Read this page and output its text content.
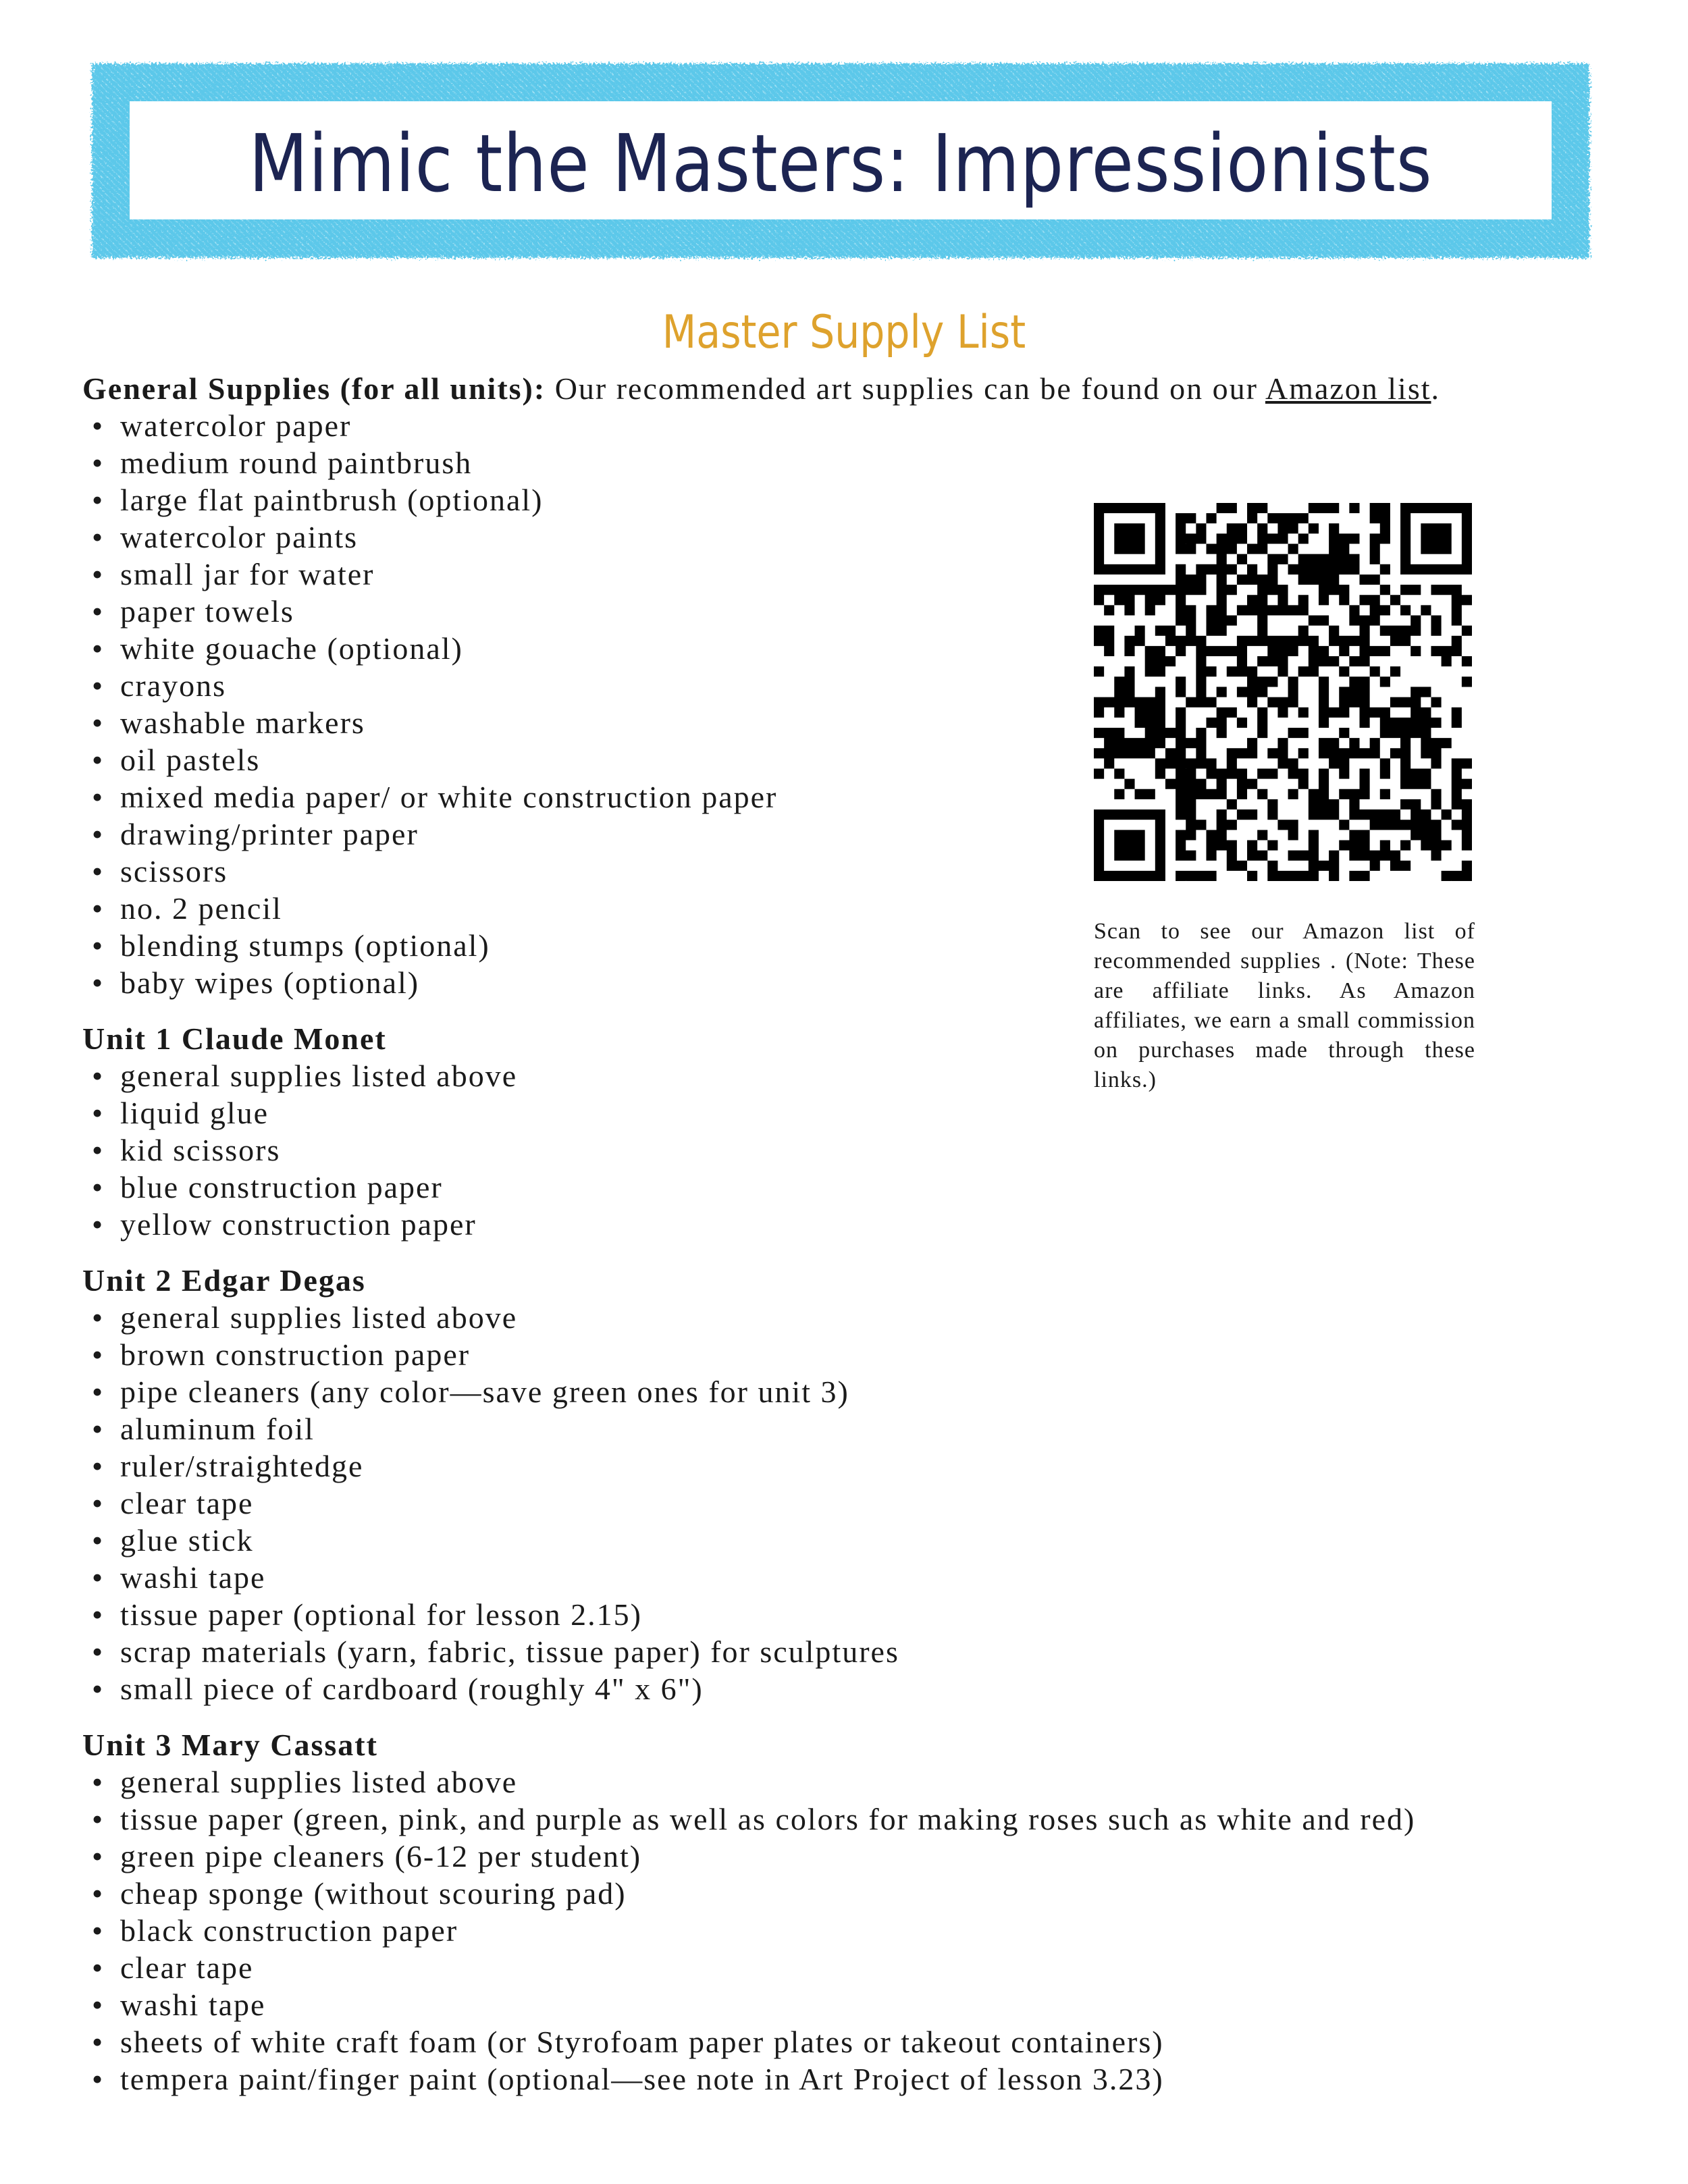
Mimic the Masters: Impressionists
Master Supply List

General Supplies (for all units): Our recommended art supplies can be found on our Amazon list.

• watercolor paper
• medium round paintbrush
• large flat paintbrush (optional)
• watercolor paints
• small jar for water
• paper towels
• white gouache (optional)
• crayons
• washable markers
• oil pastels
• mixed media paper/ or white construction paper
• drawing/printer paper
• scissors
• no. 2 pencil
• blending stumps (optional)
• baby wipes (optional)
Unit 1 Claude Monet
• general supplies listed above
• liquid glue
• kid scissors
• blue construction paper
• yellow construction paper
Unit 2 Edgar Degas
• general supplies listed above
• brown construction paper
• pipe cleaners (any color—save green ones for unit 3)
• aluminum foil
• ruler/straightedge
• clear tape
• glue stick
• washi tape
• tissue paper (optional for lesson 2.15)
• scrap materials (yarn, fabric, tissue paper) for sculptures
• small piece of cardboard (roughly 4" x 6")
Unit 3 Mary Cassatt
• general supplies listed above
• tissue paper (green, pink, and purple as well as colors for making roses such as white and red)
• green pipe cleaners (6-12 per student)
• cheap sponge (without scouring pad)
• black construction paper
• clear tape
• washi tape
• sheets of white craft foam (or Styrofoam paper plates or takeout containers)
• tempera paint/finger paint (optional—see note in Art Project of lesson 3.23)
Scan to see our Amazon list of recommended supplies . (Note: These are affiliate links. As Amazon affiliates, we earn a small commission on purchases made through these links.)
